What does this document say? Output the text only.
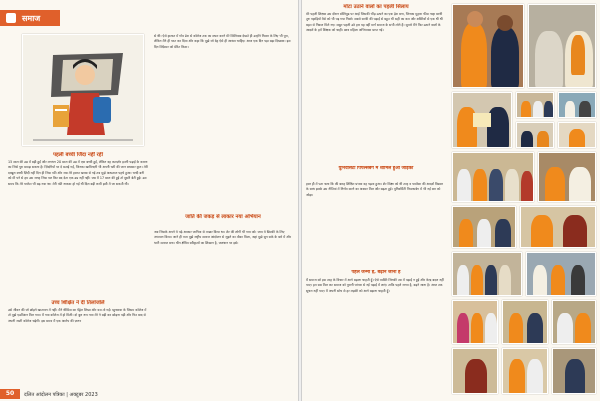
समाज
पहली बच्ची जिंदा नहीं रही
15 साल की उम्र में बड़ी हुई और लगभग 20 साल की उम्र में एक बच्ची हुई, लेकिन वह कमज़ोर इतनी पढ़ाई के कारण का जिसे पूरा समझ सकना है। ज़िंदगियों पर दे बताई गई, जिनका खाविन्दगी भी अपनी चटी की जान बचाकर कुल। मेरी दाखूल बच्ची ज़िंदी नहीं दिन ही जिस पति और जब मेरे हालत खराब से गई तब मुझे अस्पताल पहचे हुआ। चन्दी बनी को मी पने से हम उस जगह जिस पल किर बद देता एक उम्र नहीं नहीं। जब मैं 17 साल की हुई तो दूसरी बेटी हुई। उस समय कि मेरे पर्याप्त भी बढ़ गया था। मेरी पति नाकाम हो गई थी दिल बड़ी कभी इसी में जा सकती थी।
उच्च शिक्षित ने दी तिलांजलि
उसे जीवन की जो छोड़ने खातावन में नहीं। मैंने थीसिस का पेंड्रेल लिखा और यस तो गई। खुनवाया के जिसम कॉलेज में तो मुझे एडमिशन मिल गया। मैं गया कॉलेज में हो मिली। दो बुरा रूप गया मेरे ने बड़ी कर छोड़ना पड़ी और फिर बाद से अपनी जाती कॉलेज चढ़ेगी। इस समय मैं एक आरोप की ज़रूर
से थी। ऐसे हालात में गॉव ढेरा से कॉलेज तक का सफर करने मेरे सिलियाब देखते ही उन्होंने निसार के लिए भी पुरा, लेकिन मैंने ही परत कर दिया और कहा कि मुझे जो देह ऐसे ही आश्रम चाहिए। आज एक दिन पड़ा बढ़ा दिखाया। इस दिन सिंफ़ेसर को प्रेरित किया।
जाति की जकड़ से लाकार नया अभियान
जब जिसके अपने ये पढ़े आकार जानिया से मच्छर किया था। शेर की लोगी भी गाव को। जाय ये छिटकी के लिए अभयान किया। जाने ही पत्ता मुझे राष्ट्रीय समाज आंदोलन से जुड़ने का मौका मिला, जहां मुझे सुन सके के बारे में और भारी समाज बना। चीन क्षेत्रिय स्वीकृत्वों का शिखान है, जलधान पर इसे।
50	दलित आंदोलन पत्रिका | अक्टूबर 2023
मोटा उठाने वालों का पहली सिलाय
मेरे पहली शिक्षक उस दौरान बॉलिवुड पर आई जिसकी भीड़ उठाने का एक ढ़ेरा बना, जिनका मुहारा फीस गाहा साथी तुरु पहाड़ियों वैसे को भी पड़ गया निको। सबसे साफी की पढ़ाई से बहुत भी सही का कम और शक्तियों से एक थी थी बहत से निकल मिले गए। सबूत पहली उठे हार यह वहीं मार्ग समाज के सभी लोगे हैं। सुमारे मैंने फिर उठाने वालों के आदर्श के हमें शिक्षक को चाही। छात्र महिला अभिभवक प्राप्त नई।
युनिवर्सिटी पिपल्सबेग में शामिल हुआ जोड़का
हाल ही में पता चला कि की बारह शिक्षित प्रभाव वह पड़ता हुआ। शेर शिक्षा को थी तरह व पाठोंका की आदर्श विद्याल के साथ इसके उस नीतियां में निर्णय करने का अवसर मिल और बढ़ता हुई। युनिवर्सिटी पिपल्सबेग में भी नई बार को जोड़ा।
पहले जन्मा है, बढ़ाने जाना है
मैं समाज को इस तरह के विचार में आगे बढ़ाना चाहती हूँ। ऐसे व्यक्ति जिनकी तब में पढ़ाई न हुई और केन्द्र बदल नहीं पाए। हम सब मिल कर समाज को पुरानी परंपरा से नई पढ़ाई में लाएं। ताकि पहले जन्मा है, बढ़ने जाना है। आज तक सुधरा नहीं पाए। मैं अपनी सोच से हर लड़की को आगे बढ़ाना चाहती हूँ।
